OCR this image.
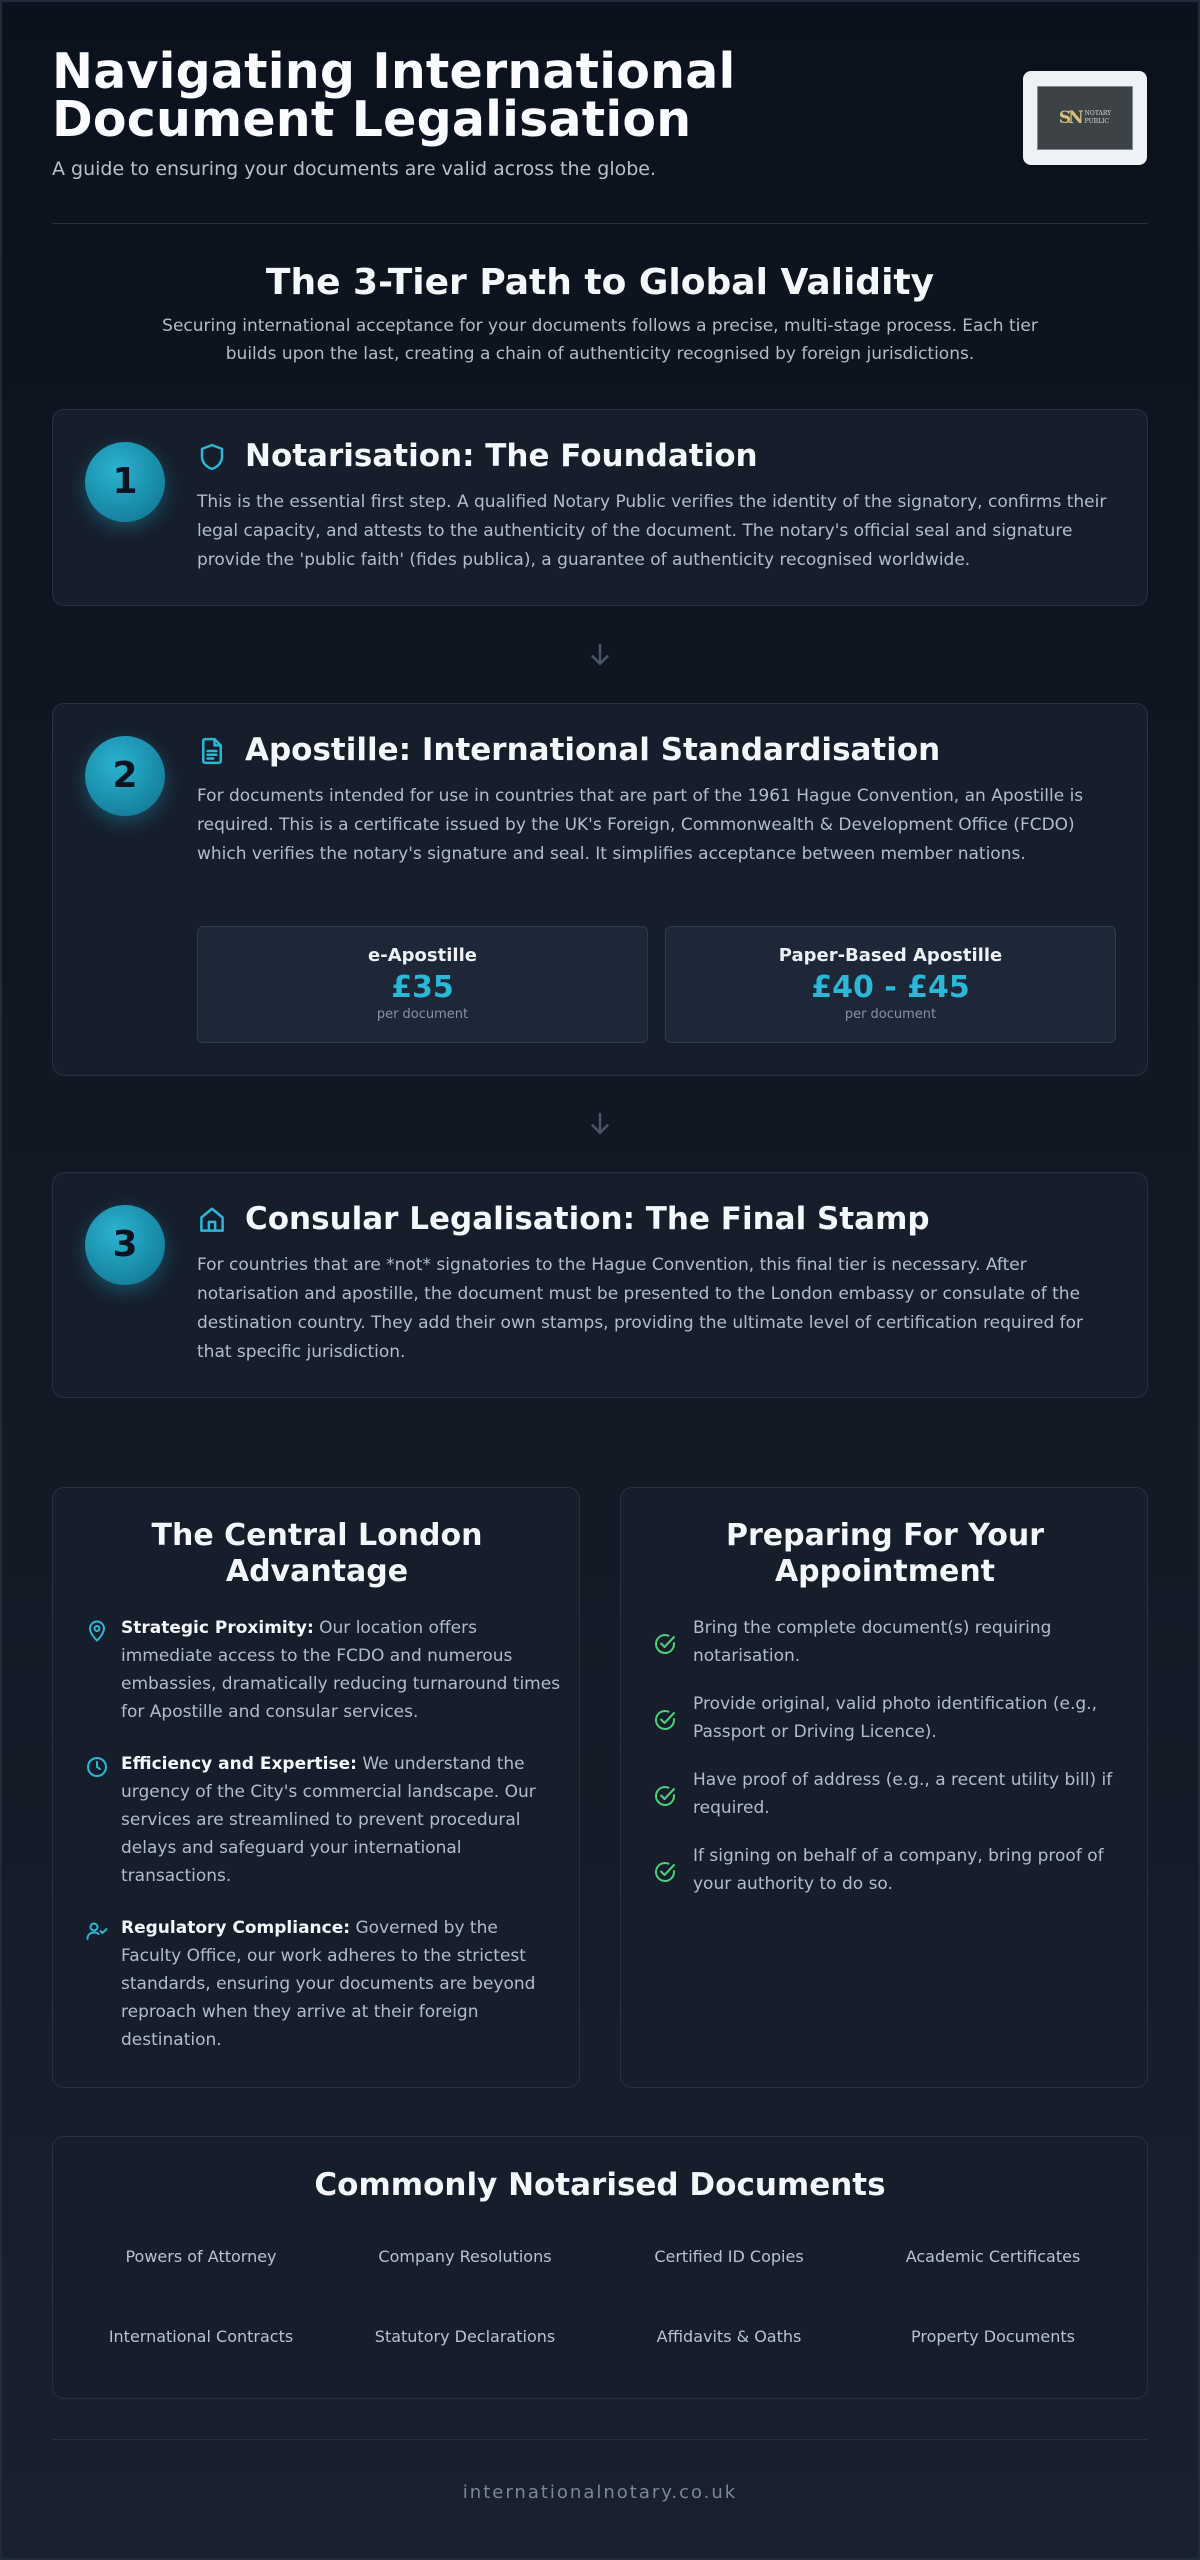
Navigating International Document Legalisation
A guide to ensuring your documents are valid across the globe.
SN NOTARY
PUBLIC
The 3-Tier Path to Global Validity
Securing international acceptance for your documents follows a precise, multi-stage process. Each tier builds upon the last, creating a chain of authenticity recognised by foreign jurisdictions.
1
Notarisation: The Foundation
This is the essential first step. A qualified Notary Public verifies the identity of the signatory, confirms their legal capacity, and attests to the authenticity of the document. The notary's official seal and signature provide the 'public faith' (fides publica), a guarantee of authenticity recognised worldwide.
2
Apostille: International Standardisation
For documents intended for use in countries that are part of the 1961 Hague Convention, an Apostille is required. This is a certificate issued by the UK's Foreign, Commonwealth & Development Office (FCDO) which verifies the notary's signature and seal. It simplifies acceptance between member nations.
e-Apostille
£35
per document
Paper-Based Apostille
£40 - £45
per document
3
Consular Legalisation: The Final Stamp
For countries that are *not* signatories to the Hague Convention, this final tier is necessary. After notarisation and apostille, the document must be presented to the London embassy or consulate of the destination country. They add their own stamps, providing the ultimate level of certification required for that specific jurisdiction.
The Central London Advantage
Strategic Proximity: Our location offers immediate access to the FCDO and numerous embassies, dramatically reducing turnaround times for Apostille and consular services.
Efficiency and Expertise: We understand the urgency of the City's commercial landscape. Our services are streamlined to prevent procedural delays and safeguard your international transactions.
Regulatory Compliance: Governed by the Faculty Office, our work adheres to the strictest standards, ensuring your documents are beyond reproach when they arrive at their foreign destination.
Preparing For Your Appointment
Bring the complete document(s) requiring notarisation.
Provide original, valid photo identification (e.g., Passport or Driving Licence).
Have proof of address (e.g., a recent utility bill) if required.
If signing on behalf of a company, bring proof of your authority to do so.
Commonly Notarised Documents
Powers of Attorney	Company Resolutions	Certified ID Copies	Academic Certificates
International Contracts	Statutory Declarations	Affidavits & Oaths	Property Documents
internationalnotary.co.uk
